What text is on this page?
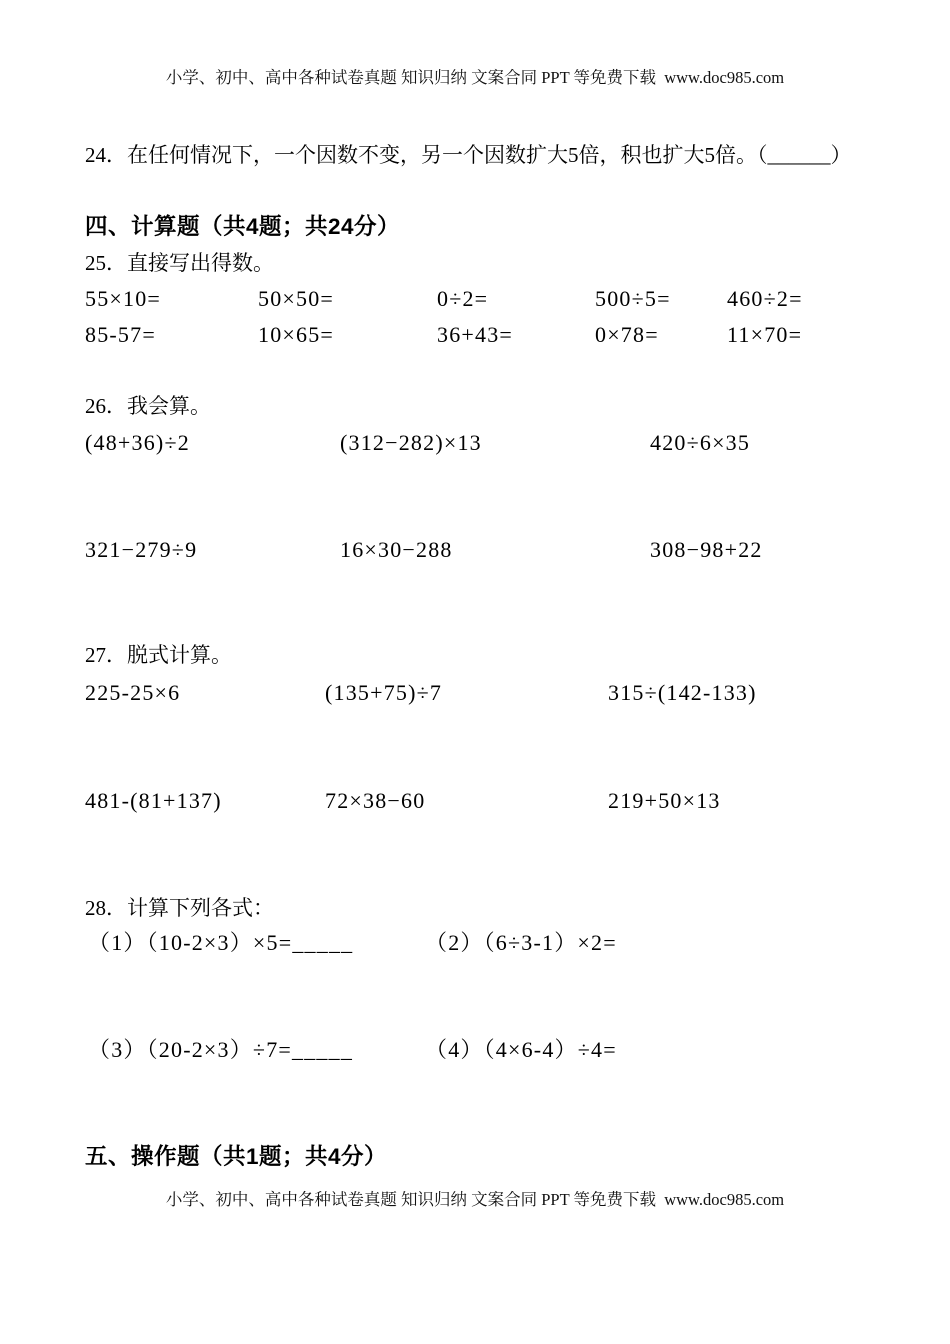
小学、初中、高中各种试卷真题 知识归纳 文案合同 PPT 等免费下载  www.doc985.com
24．在任何情况下，一个因数不变，另一个因数扩大5倍，积也扩大5倍。（______）
四、计算题（共4题；共24分）
25．直接写出得数。
55×10=	50×50=	0÷2=	500÷5=	460÷2=
85-57=	10×65=	36+43=	0×78=	11×70=
26．我会算。
(48+36)÷2	(312−282)×13	420÷6×35
321−279÷9	16×30−288	308−98+22
27．脱式计算。
225-25×6	(135+75)÷7	315÷(142-133)
481-(81+137)	72×38−60	219+50×13
28．计算下列各式：
（1）（10-2×3）×5=_____	（2）（6÷3-1）×2=
（3）（20-2×3）÷7=_____	（4）（4×6-4）÷4=
五、操作题（共1题；共4分）
小学、初中、高中各种试卷真题 知识归纳 文案合同 PPT 等免费下载  www.doc985.com
